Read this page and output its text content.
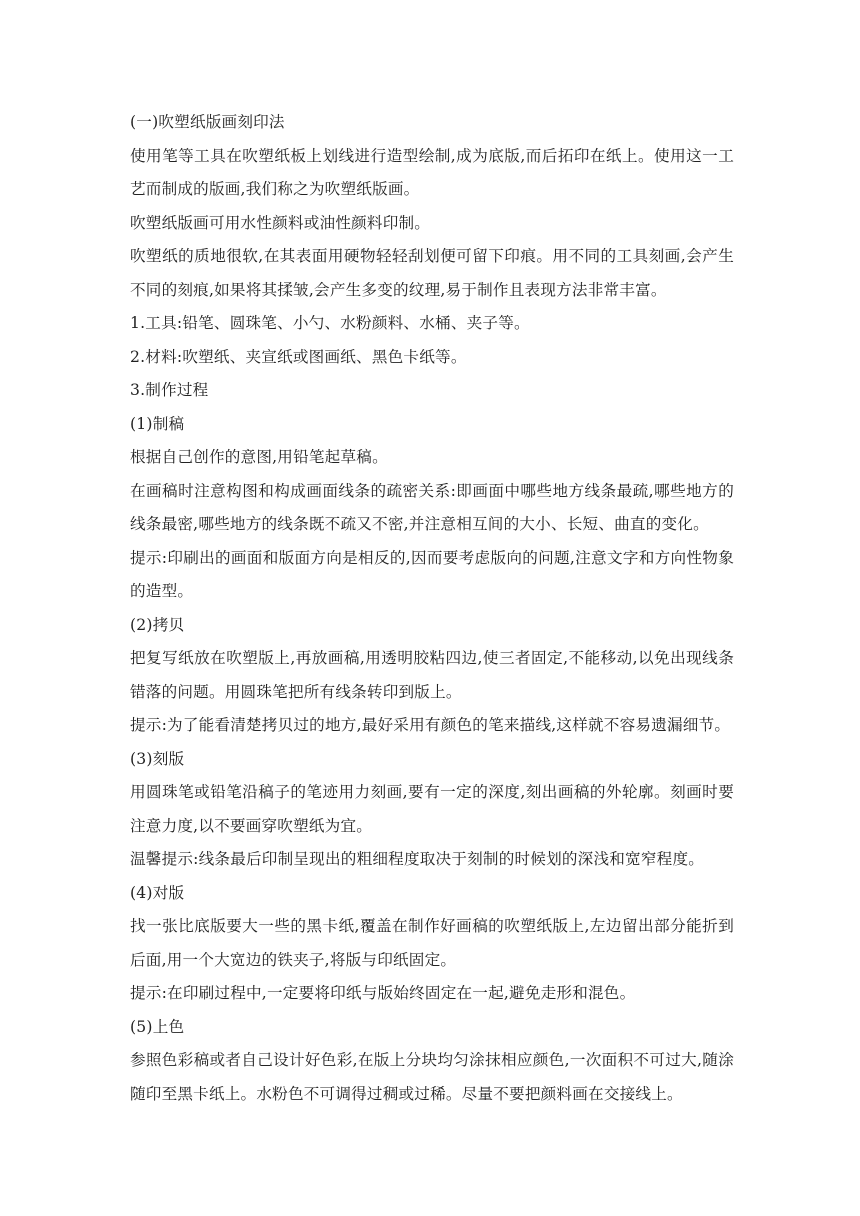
(一)吹塑纸版画刻印法

使用笔等工具在吹塑纸板上划线进行造型绘制,成为底版,而后拓印在纸上。使用这一工艺而制成的版画,我们称之为吹塑纸版画。

吹塑纸版画可用水性颜料或油性颜料印制。

吹塑纸的质地很软,在其表面用硬物轻轻刮划便可留下印痕。用不同的工具刻画,会产生不同的刻痕,如果将其揉皱,会产生多变的纹理,易于制作且表现方法非常丰富。

1.工具:铅笔、圆珠笔、小勺、水粉颜料、水桶、夹子等。

2.材料:吹塑纸、夹宣纸或图画纸、黑色卡纸等。

3.制作过程

(1)制稿

根据自己创作的意图,用铅笔起草稿。

在画稿时注意构图和构成画面线条的疏密关系:即画面中哪些地方线条最疏,哪些地方的线条最密,哪些地方的线条既不疏又不密,并注意相互间的大小、长短、曲直的变化。

提示:印刷出的画面和版面方向是相反的,因而要考虑版向的问题,注意文字和方向性物象的造型。

(2)拷贝

把复写纸放在吹塑版上,再放画稿,用透明胶粘四边,使三者固定,不能移动,以免出现线条错落的问题。用圆珠笔把所有线条转印到版上。

提示:为了能看清楚拷贝过的地方,最好采用有颜色的笔来描线,这样就不容易遗漏细节。

(3)刻版

用圆珠笔或铅笔沿稿子的笔迹用力刻画,要有一定的深度,刻出画稿的外轮廓。刻画时要注意力度,以不要画穿吹塑纸为宜。

温馨提示:线条最后印制呈现出的粗细程度取决于刻制的时候划的深浅和宽窄程度。

(4)对版

找一张比底版要大一些的黑卡纸,覆盖在制作好画稿的吹塑纸版上,左边留出部分能折到后面,用一个大宽边的铁夹子,将版与印纸固定。

提示:在印刷过程中,一定要将印纸与版始终固定在一起,避免走形和混色。

(5)上色

参照色彩稿或者自己设计好色彩,在版上分块均匀涂抹相应颜色,一次面积不可过大,随涂随印至黑卡纸上。水粉色不可调得过稠或过稀。尽量不要把颜料画在交接线上。
